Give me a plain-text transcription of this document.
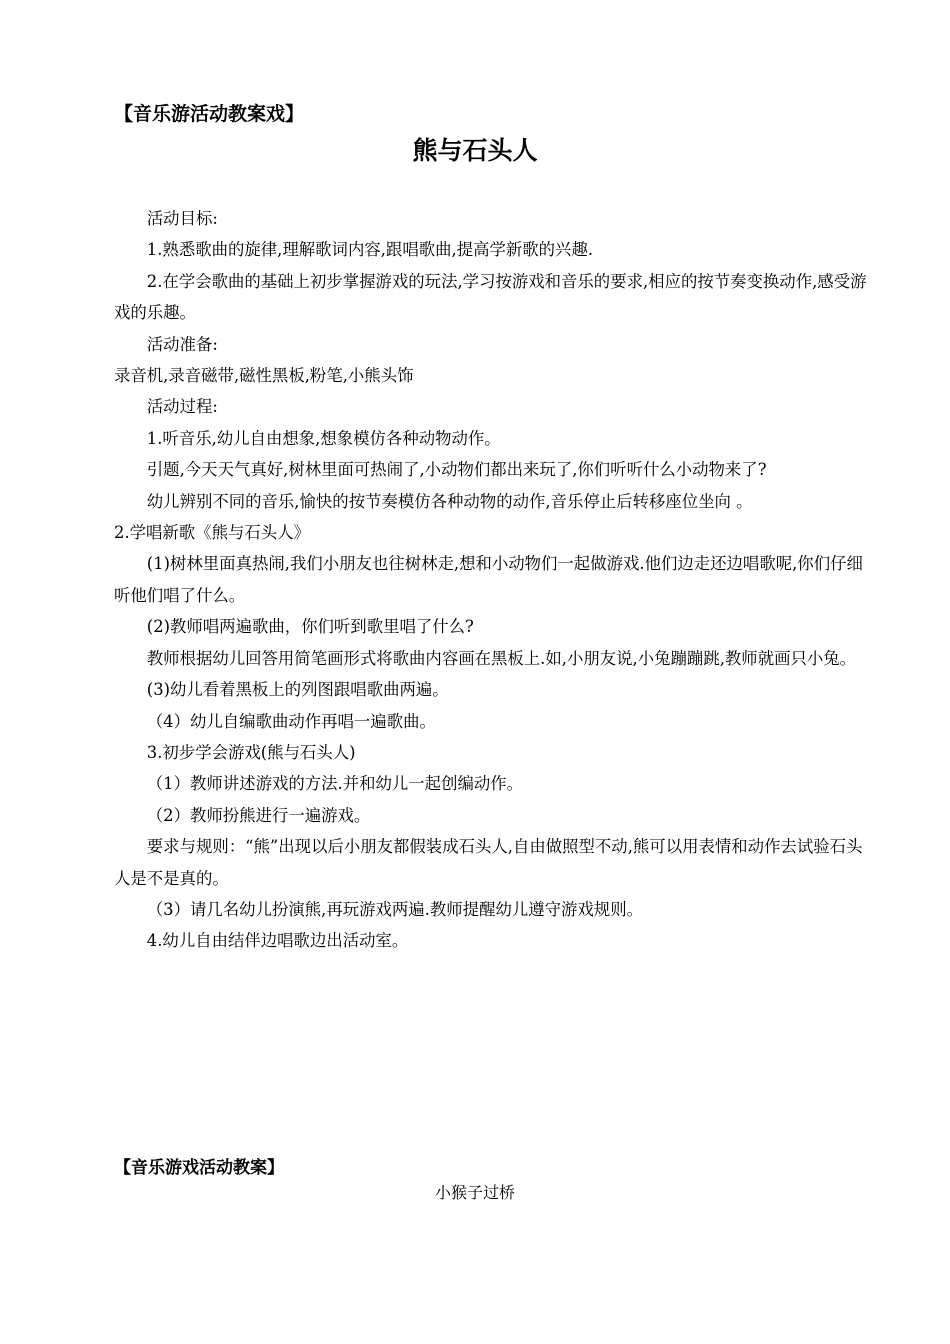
【音乐游活动教案戏】
熊与石头人

活动目标:

1.熟悉歌曲的旋律,理解歌词内容,跟唱歌曲,提高学新歌的兴趣.

2.在学会歌曲的基础上初步掌握游戏的玩法,学习按游戏和音乐的要求,相应的按节奏变换动作,感受游戏的乐趣。

活动准备:

录音机,录音磁带,磁性黑板,粉笔,小熊头饰

活动过程:

1.听音乐,幼儿自由想象,想象模仿各种动物动作。

引题,今天天气真好,树林里面可热闹了,小动物们都出来玩了,你们听听什么小动物来了?

幼儿辨别不同的音乐,愉快的按节奏模仿各种动物的动作,音乐停止后转移座位坐向 。

2.学唱新歌《熊与石头人》

(1)树林里面真热闹,我们小朋友也往树林走,想和小动物们一起做游戏.他们边走还边唱歌呢,你们仔细听他们唱了什么。

(2)教师唱两遍歌曲，你们听到歌里唱了什么?

教师根据幼儿回答用简笔画形式将歌曲内容画在黑板上.如,小朋友说,小兔蹦蹦跳,教师就画只小兔。

(3)幼儿看着黑板上的列图跟唱歌曲两遍。

（4）幼儿自编歌曲动作再唱一遍歌曲。

3.初步学会游戏(熊与石头人)

（1）教师讲述游戏的方法.并和幼儿一起创编动作。

（2）教师扮熊进行一遍游戏。

要求与规则：“熊”出现以后小朋友都假装成石头人,自由做照型不动,熊可以用表情和动作去试验石头人是不是真的。

（3）请几名幼儿扮演熊,再玩游戏两遍.教师提醒幼儿遵守游戏规则。

4.幼儿自由结伴边唱歌边出活动室。

【音乐游戏活动教案】
小猴子过桥
